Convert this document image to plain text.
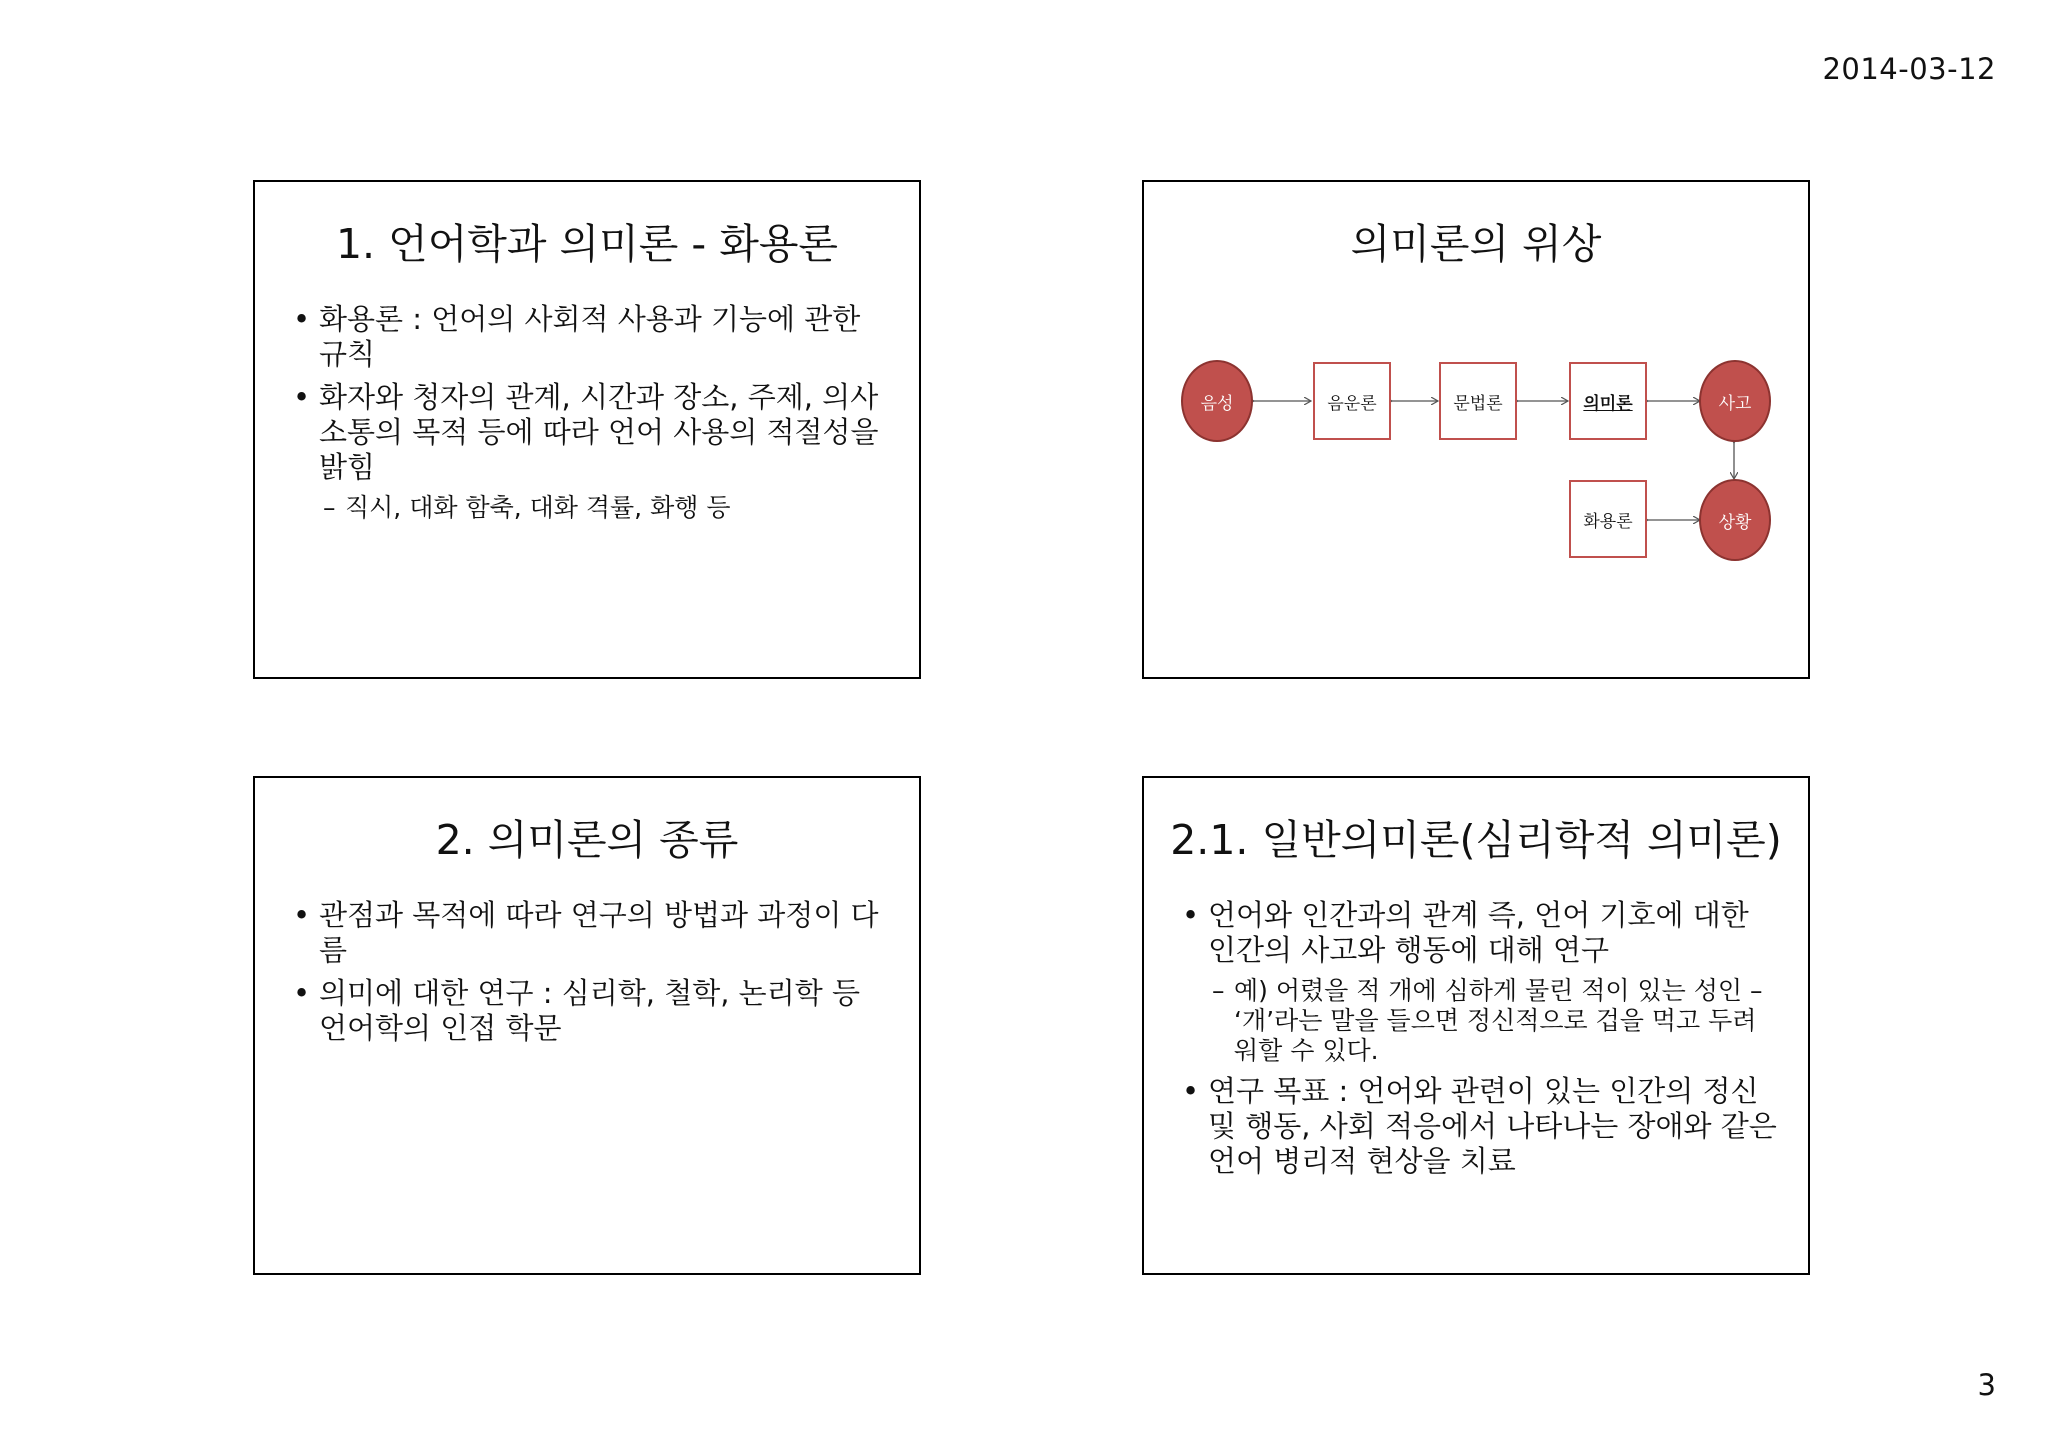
2014-03-12
1. 언어학과 의미론 - 화용론
• 화용론 : 언어의 사회적 사용과 기능에 관한 규칙
• 화자와 청자의 관계, 시간과 장소, 주제, 의사소통의 목적 등에 따라 언어 사용의 적절성을 밝힘
– 직시, 대화 함축, 대화 격률, 화행 등
의미론의 위상
음성	음운론	문법론	의미론	사고
화용론	상황
2. 의미론의 종류
• 관점과 목적에 따라 연구의 방법과 과정이 다름
• 의미에 대한 연구 : 심리학, 철학, 논리학 등 언어학의 인접 학문
2.1. 일반의미론(심리학적 의미론)
• 언어와 인간과의 관계 즉, 언어 기호에 대한 인간의 사고와 행동에 대해 연구
– 예) 어렸을 적 개에 심하게 물린 적이 있는 성인 – ‘개’라는 말을 들으면 정신적으로 겁을 먹고 두려워할 수 있다.
• 연구 목표 : 언어와 관련이 있는 인간의 정신 및 행동, 사회 적응에서 나타나는 장애와 같은 언어 병리적 현상을 치료
3
